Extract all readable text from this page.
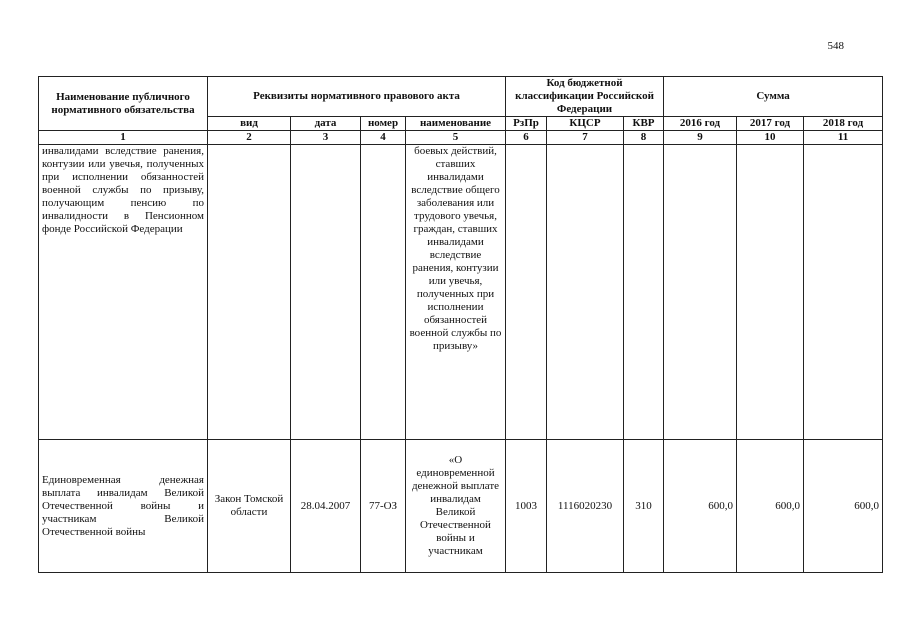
548
Наименование публичного нормативного обязательства	Реквизиты нормативного правового акта				Код бюджетной классификации Российской Федерации			Сумма		
	вид	дата	номер	наименование	РзПр	КЦСР	КВР	2016 год	2017 год	2018 год
1	2	3	4	5	6	7	8	9	10	11
инвалидами вследствие ранения, контузии или увечья, полученных при исполнении обязанностей военной службы по призыву, получающим пенсию по инвалидности в Пенсионном фонде Российской Федерации				боевых действий, ставших инвалидами вследствие общего заболевания или трудового увечья, граждан, ставших инвалидами вследствие ранения, контузии или увечья, полученных при исполнении обязанностей военной службы по призыву»						
Единовременная денежная выплата инвалидам Великой Отечественной войны и участникам Великой Отечественной войны	Закон Томской области	28.04.2007	77-ОЗ	«О единовременной денежной выплате инвалидам Великой Отечественной войны и участникам	1003	1116020230	310	600,0	600,0	600,0
